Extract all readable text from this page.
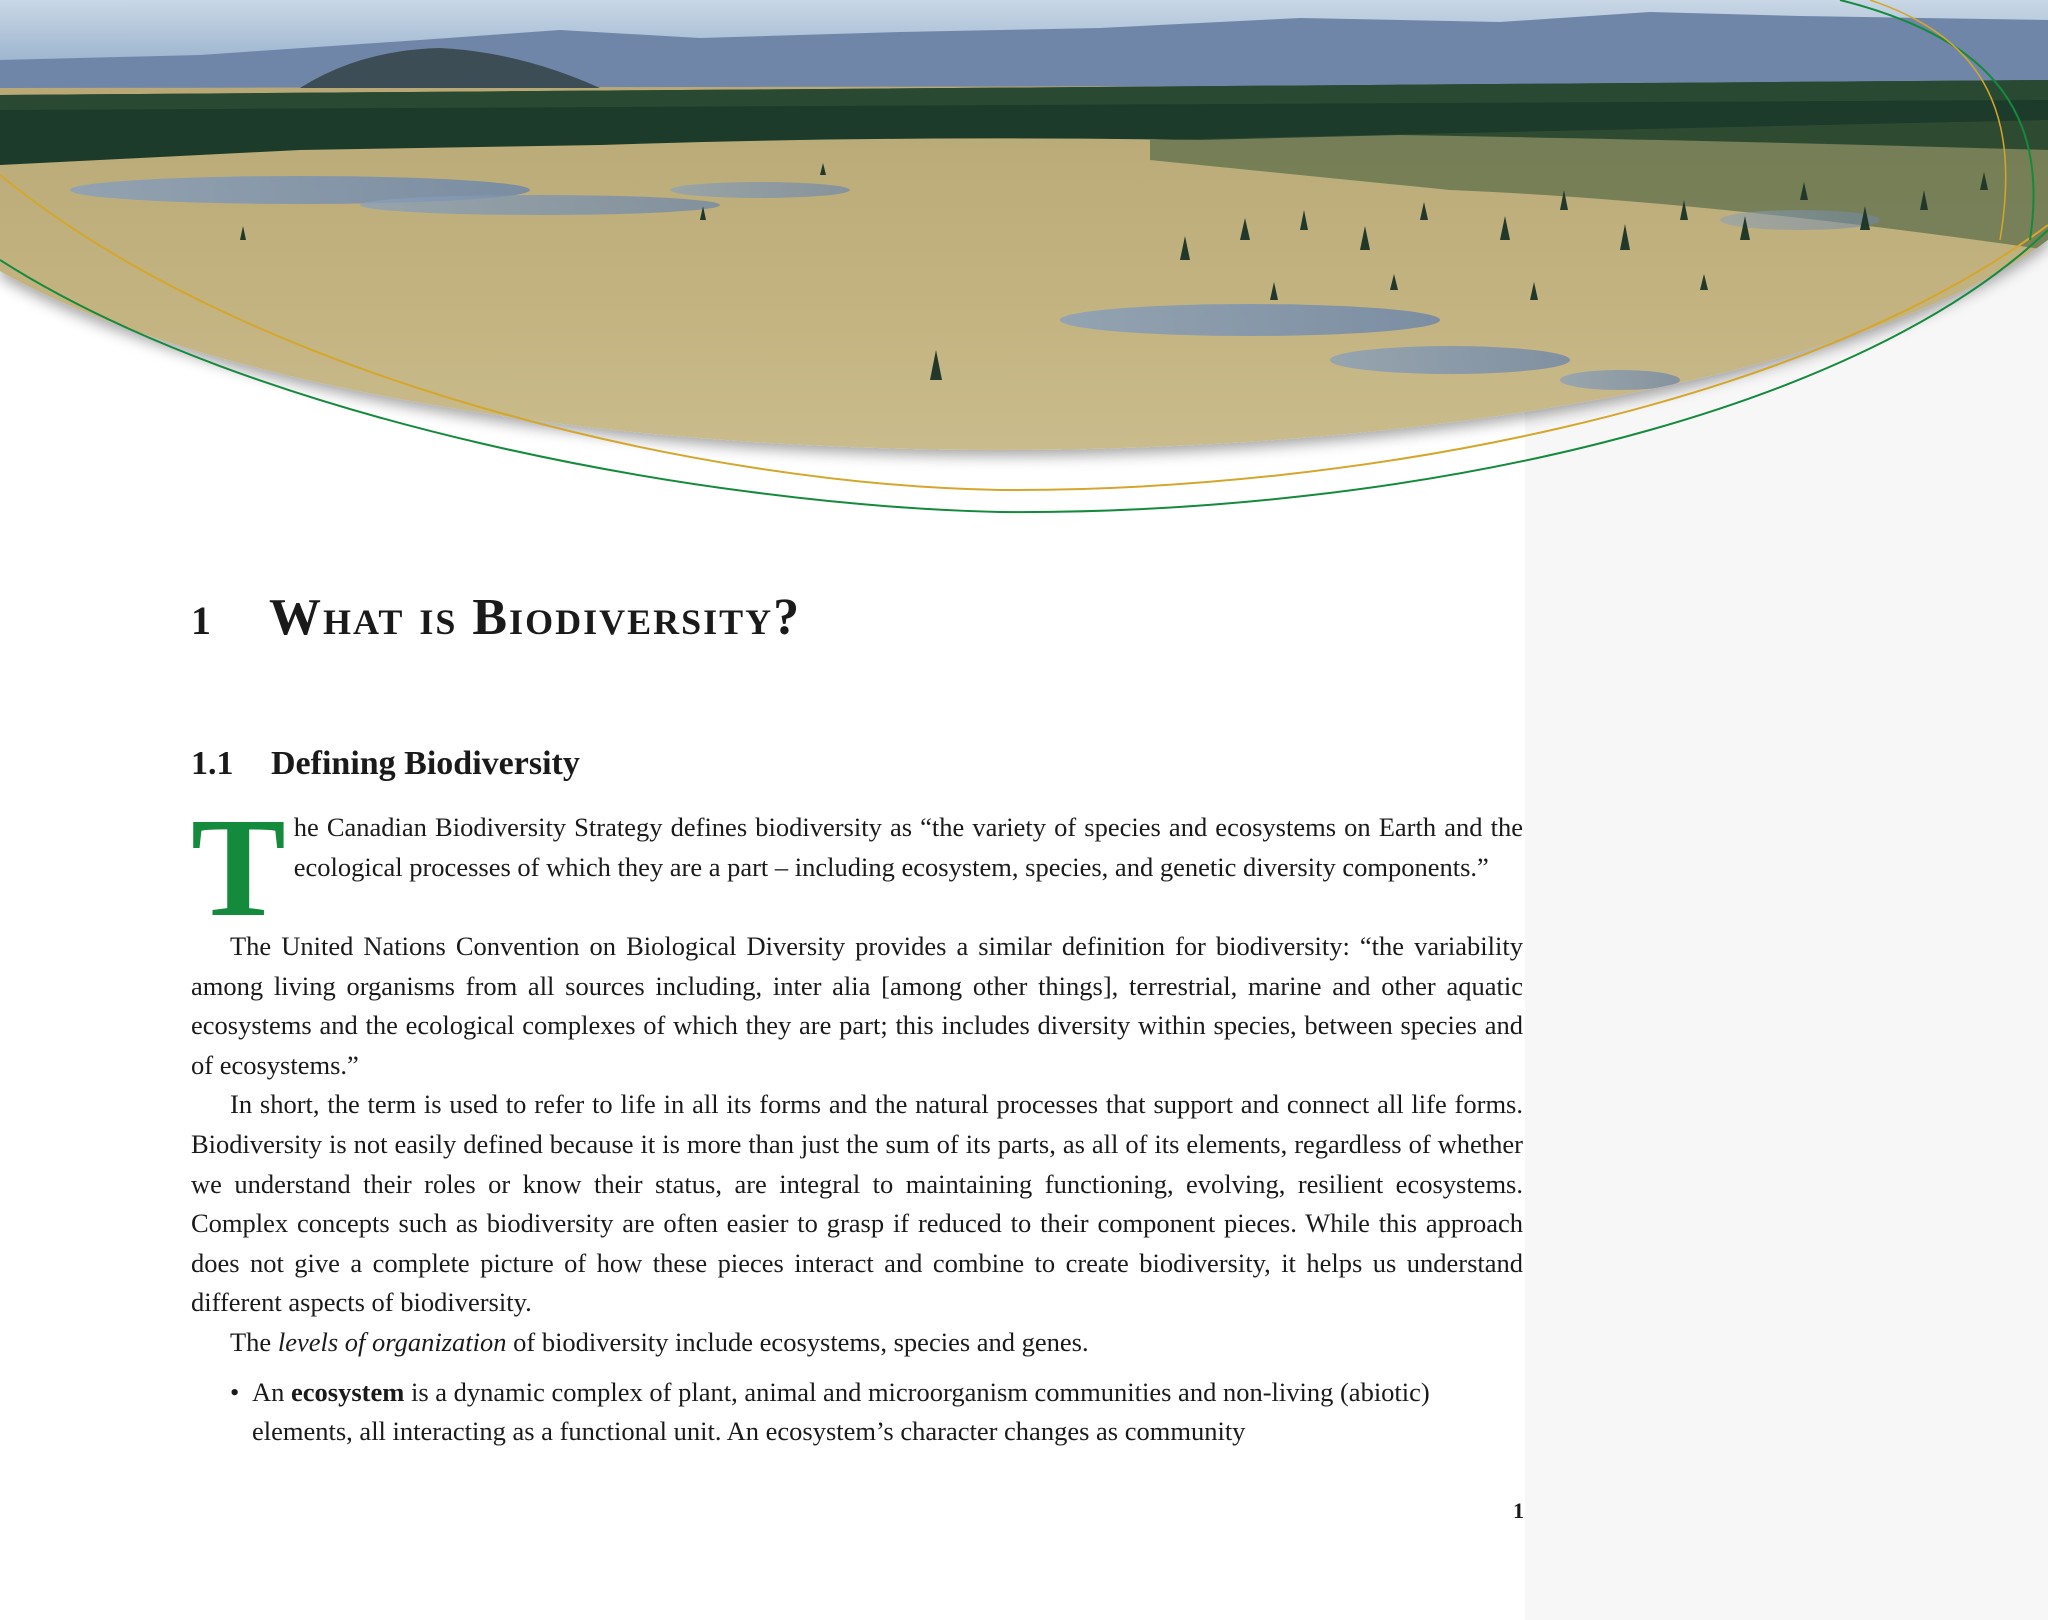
1 What is Biodiversity?
1.1 Defining Biodiversity

The Canadian Biodiversity Strategy defines biodiversity as “the variety of species and ecosystems on Earth and the ecological processes of which they are a part – including ecosystem, species, and genetic diversity components.”

The United Nations Convention on Biological Diversity provides a similar definition for biodiversity: “the variability among living organisms from all sources including, inter alia [among other things], terrestrial, marine and other aquatic ecosystems and the ecological complexes of which they are part; this includes diversity within species, between species and of ecosystems.”

In short, the term is used to refer to life in all its forms and the natural processes that support and connect all life forms. Biodiversity is not easily defined because it is more than just the sum of its parts, as all of its elements, regardless of whether we understand their roles or know their status, are integral to maintaining functioning, evolving, resilient ecosystems. Complex concepts such as biodiversity are often easier to grasp if reduced to their component pieces. While this approach does not give a complete picture of how these pieces interact and combine to create biodiversity, it helps us understand different aspects of biodiversity.

The levels of organization of biodiversity include ecosystems, species and genes.

• An ecosystem is a dynamic complex of plant, animal and microorganism communities and non-living (abiotic) elements, all interacting as a functional unit. An ecosystem’s character changes as community
1
